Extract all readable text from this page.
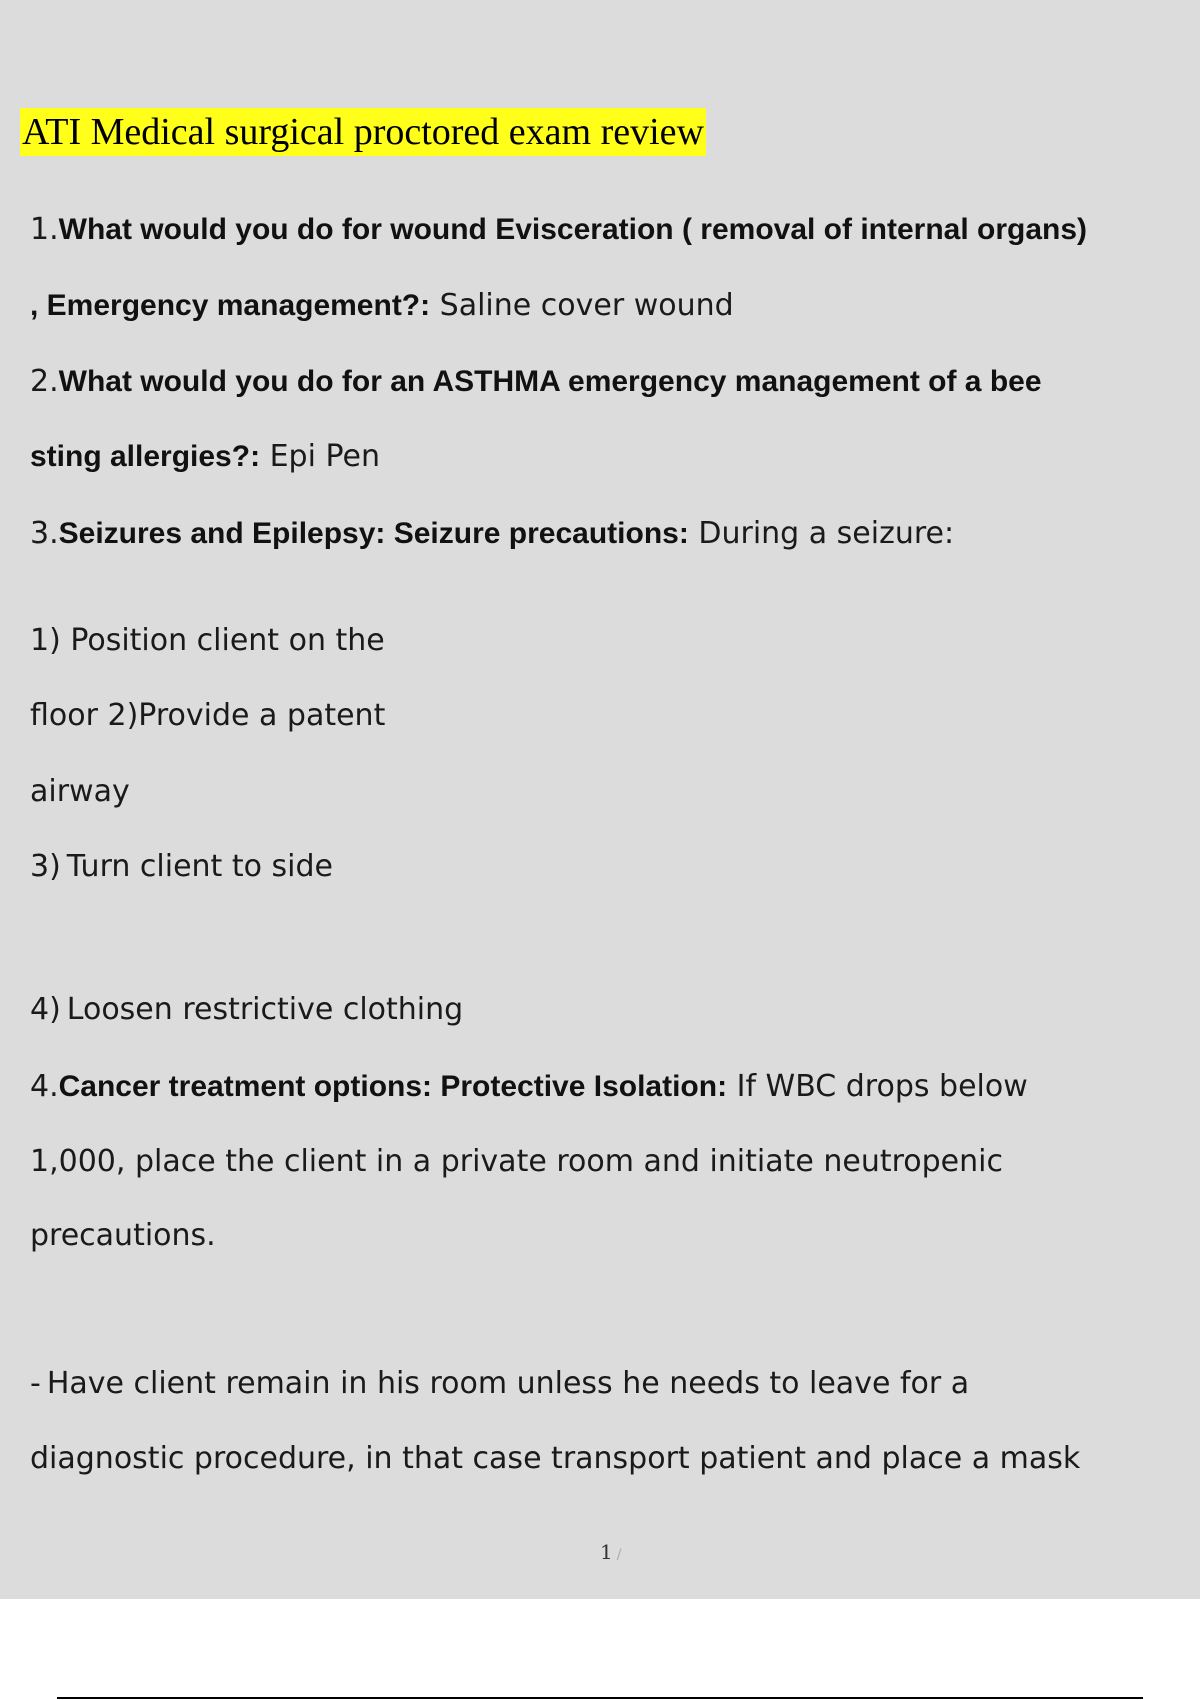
ATI Medical surgical proctored exam review
1.What would you do for wound Evisceration ( removal of internal organs)
, Emergency management?: Saline cover wound
2.What would you do for an ASTHMA emergency management of a bee
sting allergies?: Epi Pen
3.Seizures and Epilepsy: Seizure precautions: During a seizure:
1) Position client on the
floor 2)Provide a patent
airway
3) Turn client to side
4) Loosen restrictive clothing
4.Cancer treatment options: Protective Isolation: If WBC drops below
1,000, place the client in a private room and initiate neutropenic
precautions.
- Have client remain in his room unless he needs to leave for a
diagnostic procedure, in that case transport patient and place a mask
1 /
